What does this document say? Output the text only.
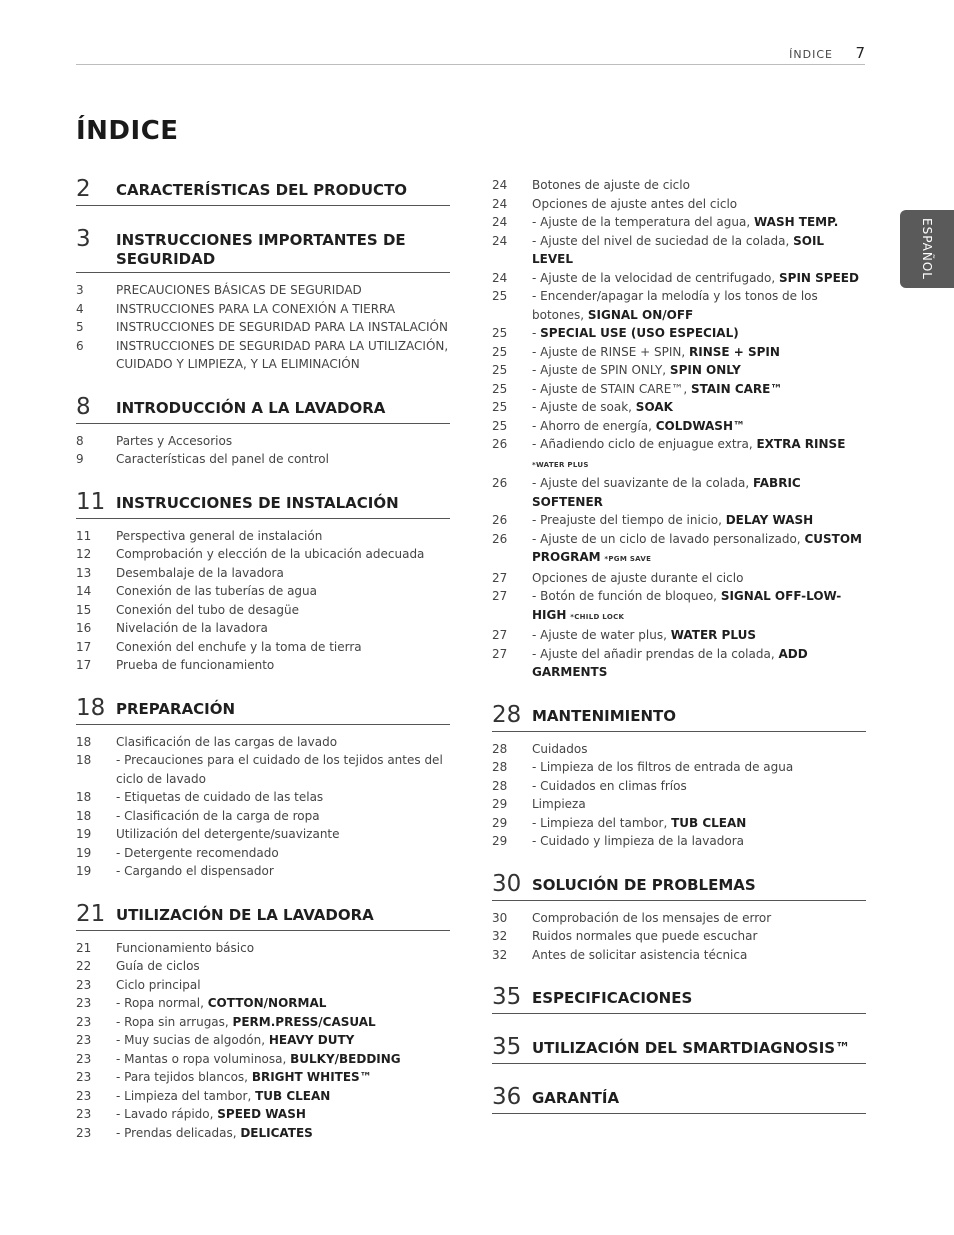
ÍNDICE 7
ÍNDICE
ESPAÑOL
2	CARACTERÍSTICAS DEL PRODUCTO
3	INSTRUCCIONES IMPORTANTES DE SEGURIDAD
3	PRECAUCIONES BÁSICAS DE SEGURIDAD
4	INSTRUCCIONES PARA LA CONEXIÓN A TIERRA
5	INSTRUCCIONES DE SEGURIDAD PARA LA INSTALACIÓN
6	INSTRUCCIONES DE SEGURIDAD PARA LA UTILIZACIÓN, CUIDADO Y LIMPIEZA, Y LA ELIMINACIÓN
8	INTRODUCCIÓN A LA LAVADORA
8	Partes y Accesorios
9	Características del panel de control
11 INSTRUCCIONES DE INSTALACIÓN
11	Perspectiva general de instalación
12	Comprobación y elección de la ubicación adecuada
13	Desembalaje de la lavadora
14	Conexión de las tuberías de agua
15	Conexión del tubo de desagüe
16	Nivelación de la lavadora
17	Conexión del enchufe y la toma de tierra
17	Prueba de funcionamiento
18 PREPARACIÓN
18	Clasificación de las cargas de lavado
18	- Precauciones para el cuidado de los tejidos antes del ciclo de lavado
18	- Etiquetas de cuidado de las telas
18	- Clasificación de la carga de ropa
19	Utilización del detergente/suavizante
19	- Detergente recomendado
19	- Cargando el dispensador
21 UTILIZACIÓN DE LA LAVADORA
21	Funcionamiento básico
22	Guía de ciclos
23	Ciclo principal
23	- Ropa normal, COTTON/NORMAL
23	- Ropa sin arrugas, PERM.PRESS/CASUAL
23	- Muy sucias de algodón, HEAVY DUTY
23	- Mantas o ropa voluminosa, BULKY/BEDDING
23	- Para tejidos blancos, BRIGHT WHITES™
23	- Limpieza del tambor, TUB CLEAN
23	- Lavado rápido, SPEED WASH
23	- Prendas delicadas, DELICATES
24	Botones de ajuste de ciclo
24	Opciones de ajuste antes del ciclo
24	- Ajuste de la temperatura del agua, WASH TEMP.
24	- Ajuste del nivel de suciedad de la colada, SOIL LEVEL
24	- Ajuste de la velocidad de centrifugado, SPIN SPEED
25	- Encender/apagar la melodía y los tonos de los botones, SIGNAL ON/OFF
25	- SPECIAL USE (USO ESPECIAL)
25	- Ajuste de RINSE + SPIN, RINSE + SPIN
25	- Ajuste de SPIN ONLY, SPIN ONLY
25	- Ajuste de STAIN CARE™, STAIN CARE™
25	- Ajuste de soak, SOAK
25	- Ahorro de energía, COLDWASH™
26	- Añadiendo ciclo de enjuague extra, EXTRA RINSE *WATER PLUS
26	- Ajuste del suavizante de la colada, FABRIC SOFTENER
26	- Preajuste del tiempo de inicio, DELAY WASH
26	- Ajuste de un ciclo de lavado personalizado, CUSTOM PROGRAM *PGM SAVE
27	Opciones de ajuste durante el ciclo
27	- Botón de función de bloqueo, SIGNAL OFF-LOW-HIGH *CHILD LOCK
27	- Ajuste de water plus, WATER PLUS
27	- Ajuste del añadir prendas de la colada, ADD GARMENTS
28 MANTENIMIENTO
28	Cuidados
28	- Limpieza de los filtros de entrada de agua
28	- Cuidados en climas fríos
29	Limpieza
29	- Limpieza del tambor, TUB CLEAN
29	- Cuidado y limpieza de la lavadora
30 SOLUCIÓN DE PROBLEMAS
30	Comprobación de los mensajes de error
32	Ruidos normales que puede escuchar
32	Antes de solicitar asistencia técnica
35 ESPECIFICACIONES
35 UTILIZACIÓN DEL SMARTDIAGNOSIS™
36 GARANTÍA
